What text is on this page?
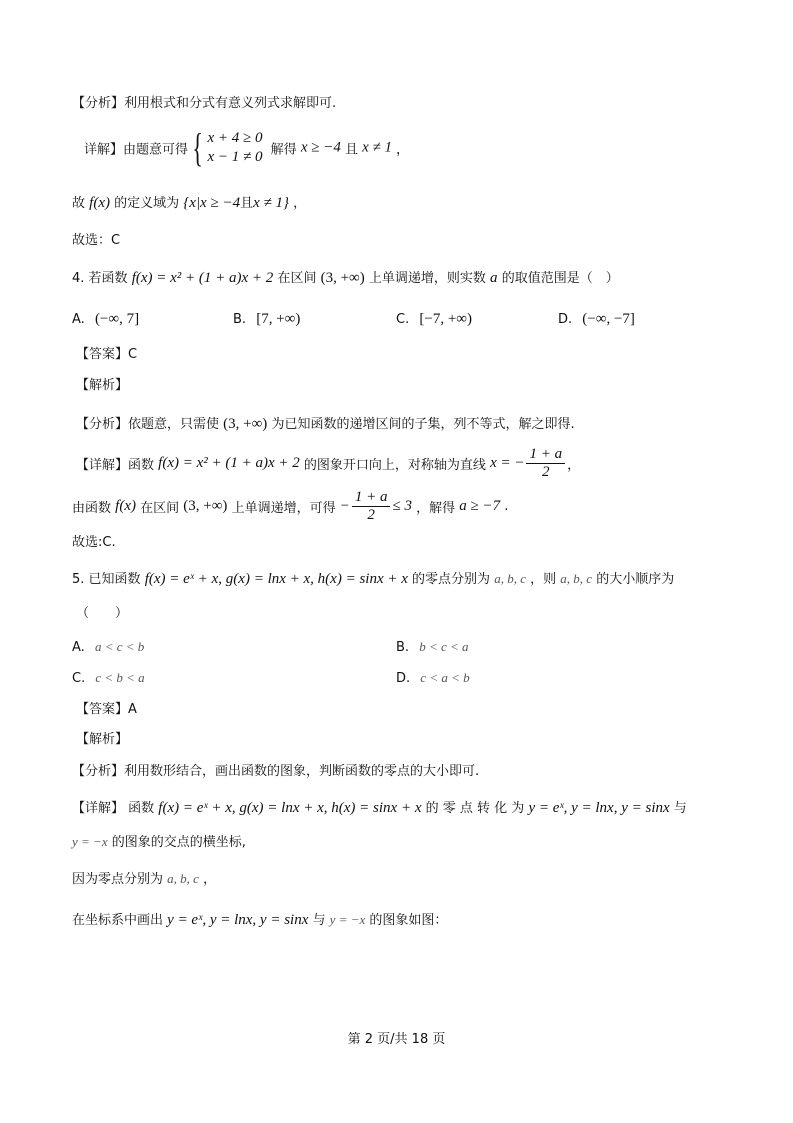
【分析】利用根式和分式有意义列式求解即可.
详解】由题意可得 { x + 4 ≥ 0
x − 1 ≠ 0 解得 x ≥ −4 且 x ≠ 1 ，
故 f(x) 的定义域为 {x|x ≥ −4且x ≠ 1} ，
故选：C
4. 若函数 f(x) = x² + (1 + a)x + 2 在区间 (3, +∞) 上单调递增，则实数 a 的取值范围是（　）
A. (−∞, 7]	B. [7, +∞)	C. [−7, +∞)	D. (−∞, −7]
【答案】C
【解析】
【分析】依题意，只需使 (3, +∞) 为已知函数的递增区间的子集，列不等式，解之即得.
【详解】函数 f(x) = x² + (1 + a)x + 2 的图象开口向上，对称轴为直线 x = − $\frac{1 + a}{2}$ ，
由函数 f(x) 在区间 (3, +∞) 上单调递增，可得 − $\frac{1 + a}{2} \le 3$ ，解得 a ≥ −7 .
故选:C.
5. 已知函数 f(x) = eˣ + x, g(x) = lnx + x, h(x) = sinx + x 的零点分别为 a, b, c ，则 a, b, c 的大小顺序为
（　　）
A. a < c < b	B. b < c < a
C. c < b < a	D. c < a < b
【答案】A
【解析】
【分析】利用数形结合，画出函数的图象，判断函数的零点的大小即可.
【详解】 函数 f(x) = eˣ + x, g(x) = lnx + x, h(x) = sinx + x 的 零 点 转 化 为 y = eˣ, y = lnx, y = sinx 与
y = −x 的图象的交点的横坐标,
因为零点分别为 a, b, c ，
在坐标系中画出 y = eˣ, y = lnx, y = sinx 与 y = −x 的图象如图：
第 2 页/共 18 页
